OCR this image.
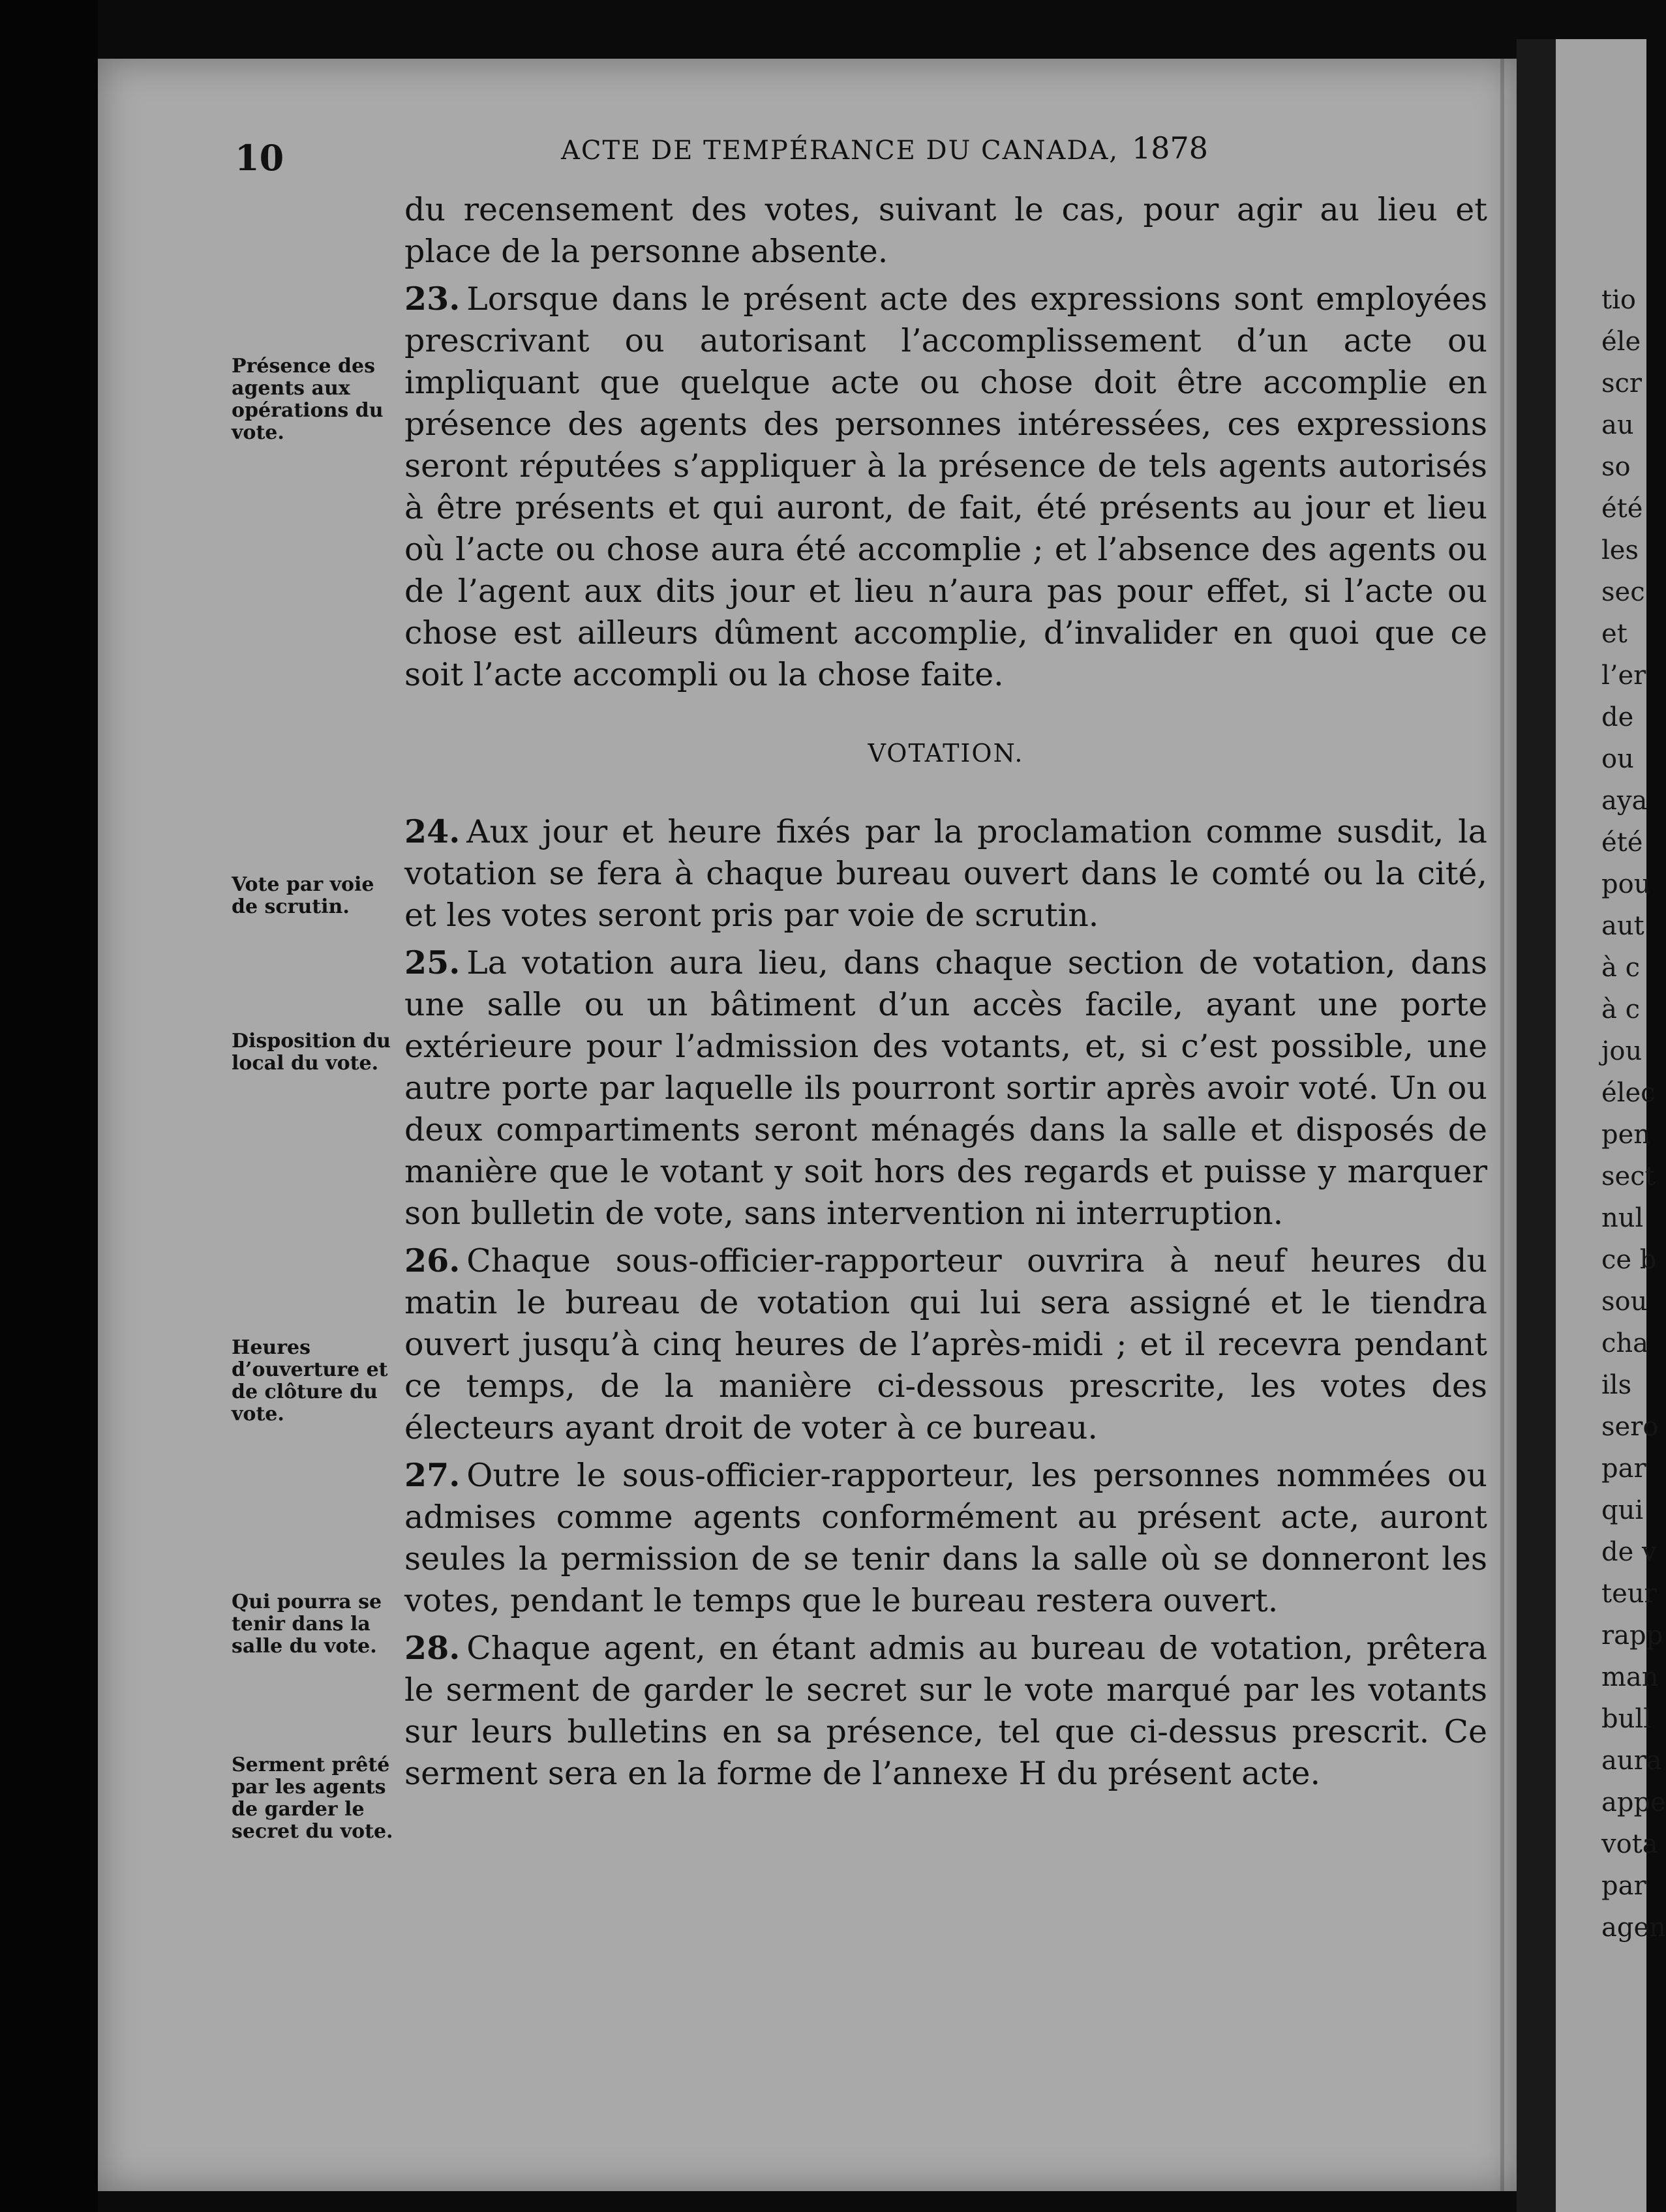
10	ACTE DE TEMPÉRANCE DU CANADA, 1878
Présence des agents aux opérations du vote.
Vote par voie de scrutin.
Disposition du local du vote.
Heures d’ouverture et de clôture du vote.
Qui pourra se tenir dans la salle du vote.
Serment prêté par les agents de garder le secret du vote.

du recensement des votes, suivant le cas, pour agir au lieu et place de la personne absente.

23. Lorsque dans le présent acte des expressions sont employées prescrivant ou autorisant l’accomplissement d’un acte ou impliquant que quelque acte ou chose doit être accomplie en présence des agents des personnes intéressées, ces expressions seront réputées s’appliquer à la présence de tels agents autorisés à être présents et qui auront, de fait, été présents au jour et lieu où l’acte ou chose aura été accomplie ; et l’absence des agents ou de l’agent aux dits jour et lieu n’aura pas pour effet, si l’acte ou chose est ailleurs dûment accomplie, d’invalider en quoi que ce soit l’acte accompli ou la chose faite.

VOTATION.

24. Aux jour et heure fixés par la proclamation comme susdit, la votation se fera à chaque bureau ouvert dans le comté ou la cité, et les votes seront pris par voie de scrutin.

25. La votation aura lieu, dans chaque section de votation, dans une salle ou un bâtiment d’un accès facile, ayant une porte extérieure pour l’admission des votants, et, si c’est possible, une autre porte par laquelle ils pourront sortir après avoir voté. Un ou deux compartiments seront ménagés dans la salle et disposés de manière que le votant y soit hors des regards et puisse y marquer son bulletin de vote, sans intervention ni interruption.

26. Chaque sous-officier-rapporteur ouvrira à neuf heures du matin le bureau de votation qui lui sera assigné et le tiendra ouvert jusqu’à cinq heures de l’après-midi ; et il recevra pendant ce temps, de la manière ci-dessous prescrite, les votes des électeurs ayant droit de voter à ce bureau.

27. Outre le sous-officier-rapporteur, les personnes nommées ou admises comme agents conformément au présent acte, auront seules la permission de se tenir dans la salle où se donneront les votes, pendant le temps que le bureau restera ouvert.

28. Chaque agent, en étant admis au bureau de votation, prêtera le serment de garder le secret sur le vote marqué par les votants sur leurs bulletins en sa présence, tel que ci-dessus prescrit. Ce serment sera en la forme de l’annexe H du présent acte.

tio
éle
scr
au
so
été
les
sec
et
l’er
de
ou
aya
été
pou
aut
à c
à c
jou
élec
pen
sect
nul
ce b
sou
cha
ils
sero
par
qui
de v
teur
rapp
man
bull
aura
appe
vota
par
agen
